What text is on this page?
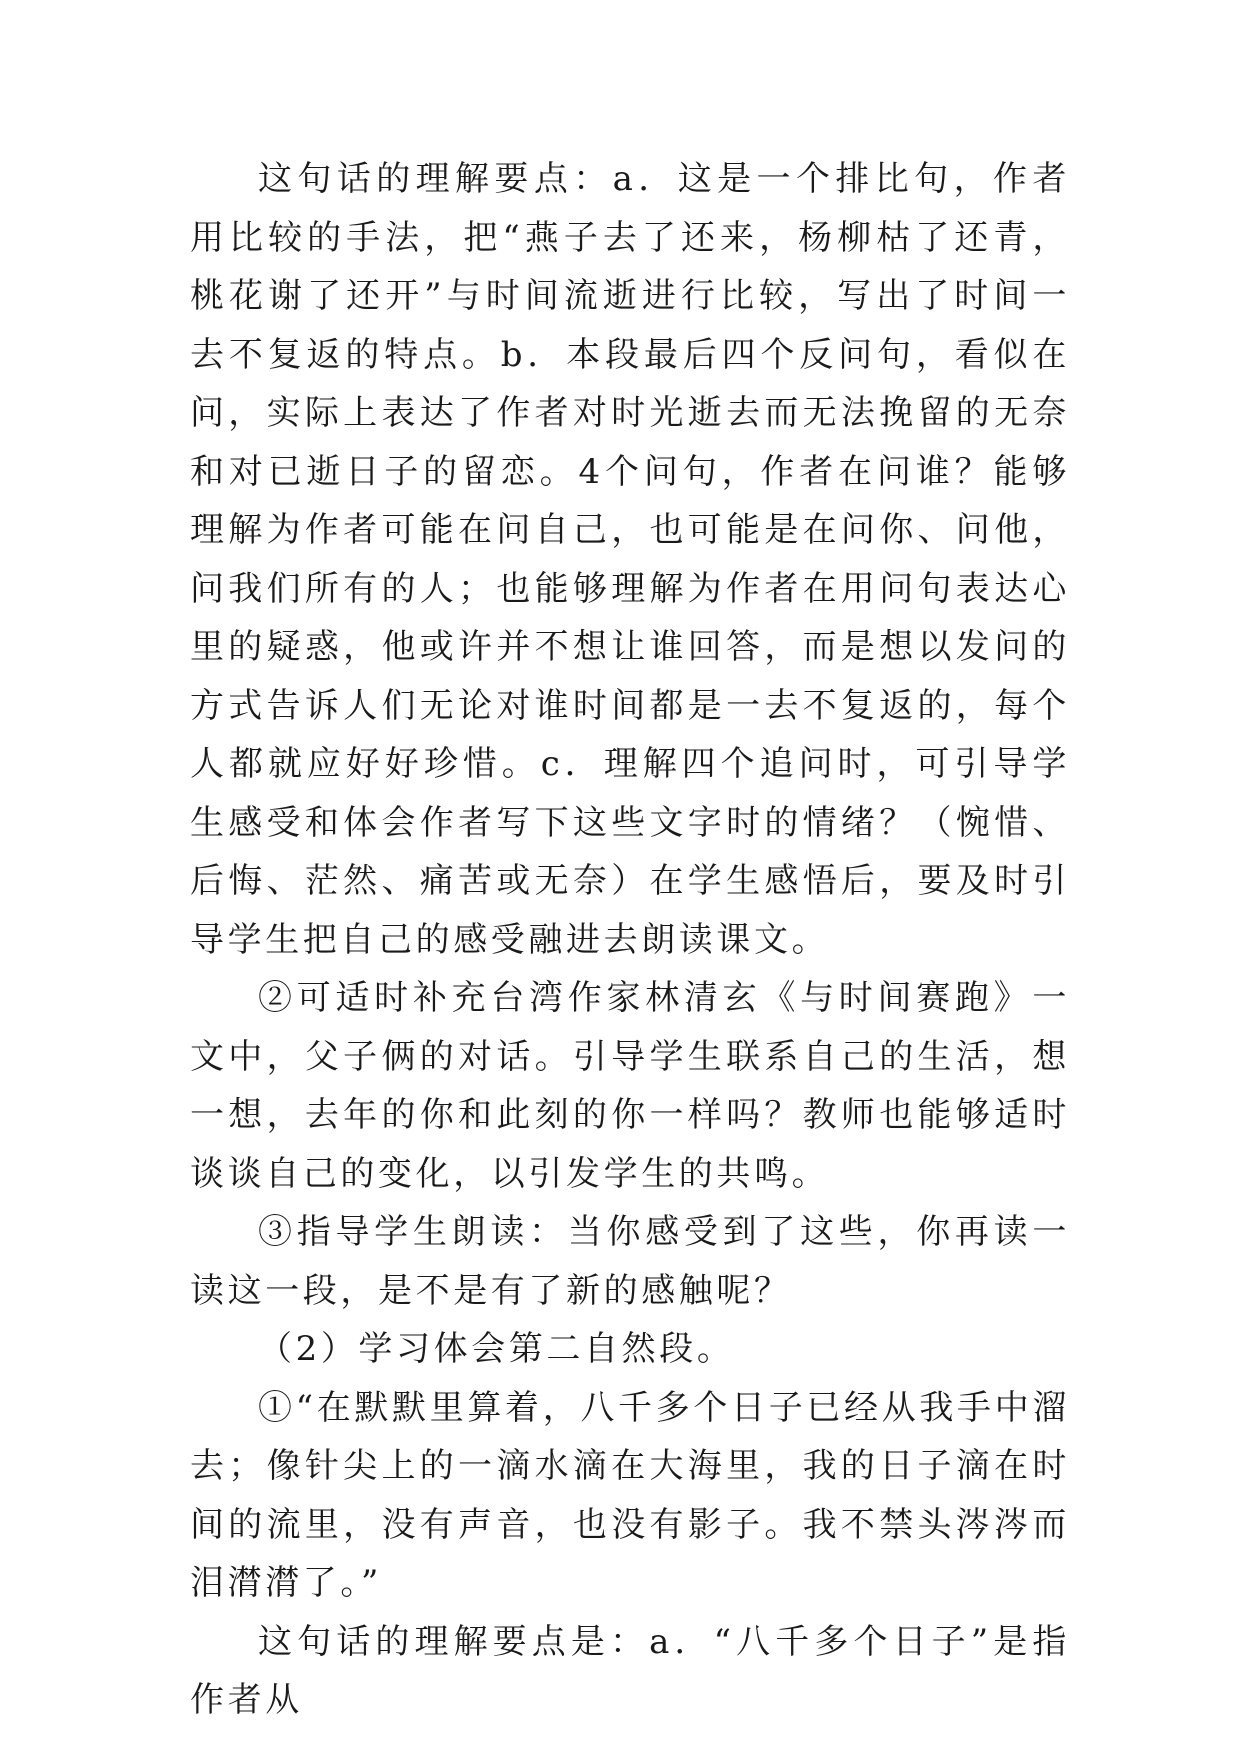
这句话的理解要点：a．这是一个排比句，作者用比较的手法，把“燕子去了还来，杨柳枯了还青，桃花谢了还开”与时间流逝进行比较，写出了时间一去不复返的特点。b．本段最后四个反问句，看似在问，实际上表达了作者对时光逝去而无法挽留的无奈和对已逝日子的留恋。4个问句，作者在问谁？能够理解为作者可能在问自己，也可能是在问你、问他，问我们所有的人；也能够理解为作者在用问句表达心里的疑惑，他或许并不想让谁回答，而是想以发问的方式告诉人们无论对谁时间都是一去不复返的，每个人都就应好好珍惜。c．理解四个追问时，可引导学生感受和体会作者写下这些文字时的情绪？（惋惜、后悔、茫然、痛苦或无奈）在学生感悟后，要及时引导学生把自己的感受融进去朗读课文。

②可适时补充台湾作家林清玄《与时间赛跑》一文中，父子俩的对话。引导学生联系自己的生活，想一想，去年的你和此刻的你一样吗？教师也能够适时谈谈自己的变化，以引发学生的共鸣。

③指导学生朗读：当你感受到了这些，你再读一读这一段，是不是有了新的感触呢？

（2）学习体会第二自然段。

①“在默默里算着，八千多个日子已经从我手中溜去；像针尖上的一滴水滴在大海里，我的日子滴在时间的流里，没有声音，也没有影子。我不禁头涔涔而泪潸潸了。”

这句话的理解要点是：a．“八千多个日子”是指作者从
